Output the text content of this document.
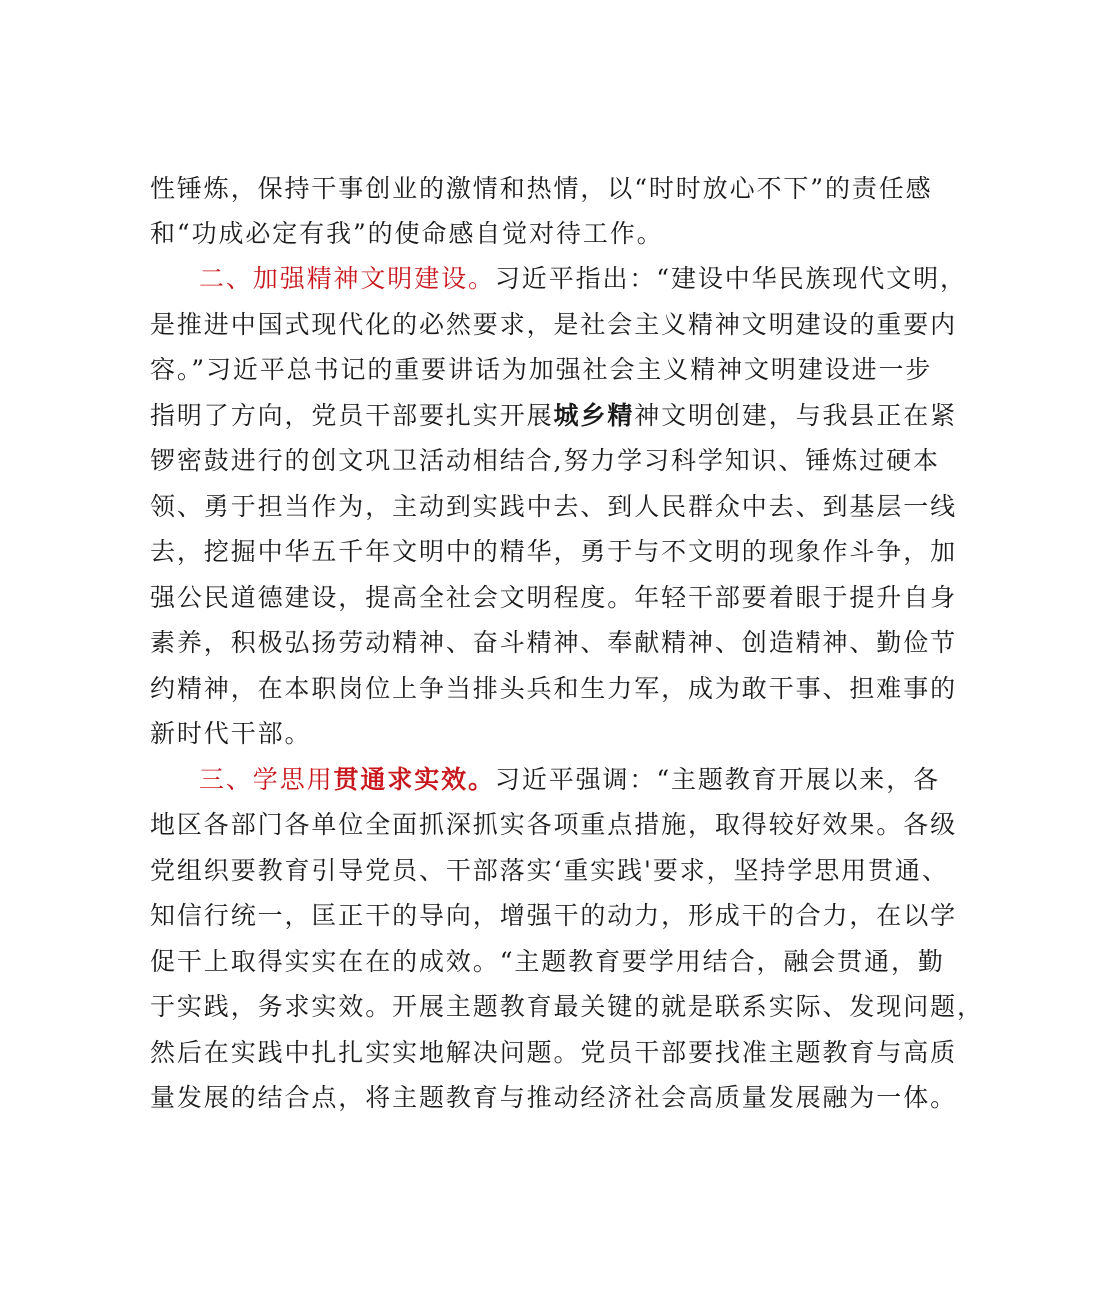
性锤炼，保持干事创业的激情和热情，以“时时放心不下”的责任感
和“功成必定有我”的使命感自觉对待工作。
二、加强精神文明建设。习近平指出：“建设中华民族现代文明，
是推进中国式现代化的必然要求，是社会主义精神文明建设的重要内
容。”习近平总书记的重要讲话为加强社会主义精神文明建设进一步
指明了方向，党员干部要扎实开展城乡精神文明创建，与我县正在紧
锣密鼓进行的创文巩卫活动相结合,努力学习科学知识、锤炼过硬本
领、勇于担当作为，主动到实践中去、到人民群众中去、到基层一线
去，挖掘中华五千年文明中的精华，勇于与不文明的现象作斗争，加
强公民道德建设，提高全社会文明程度。年轻干部要着眼于提升自身
素养，积极弘扬劳动精神、奋斗精神、奉献精神、创造精神、勤俭节
约精神，在本职岗位上争当排头兵和生力军，成为敢干事、担难事的
新时代干部。
三、学思用贯通求实效。习近平强调：“主题教育开展以来，各
地区各部门各单位全面抓深抓实各项重点措施，取得较好效果。各级
党组织要教育引导党员、干部落实‘重实践'要求，坚持学思用贯通、
知信行统一，匡正干的导向，增强干的动力，形成干的合力，在以学
促干上取得实实在在的成效。“主题教育要学用结合，融会贯通，勤
于实践，务求实效。开展主题教育最关键的就是联系实际、发现问题，
然后在实践中扎扎实实地解决问题。党员干部要找准主题教育与高质
量发展的结合点，将主题教育与推动经济社会高质量发展融为一体。
